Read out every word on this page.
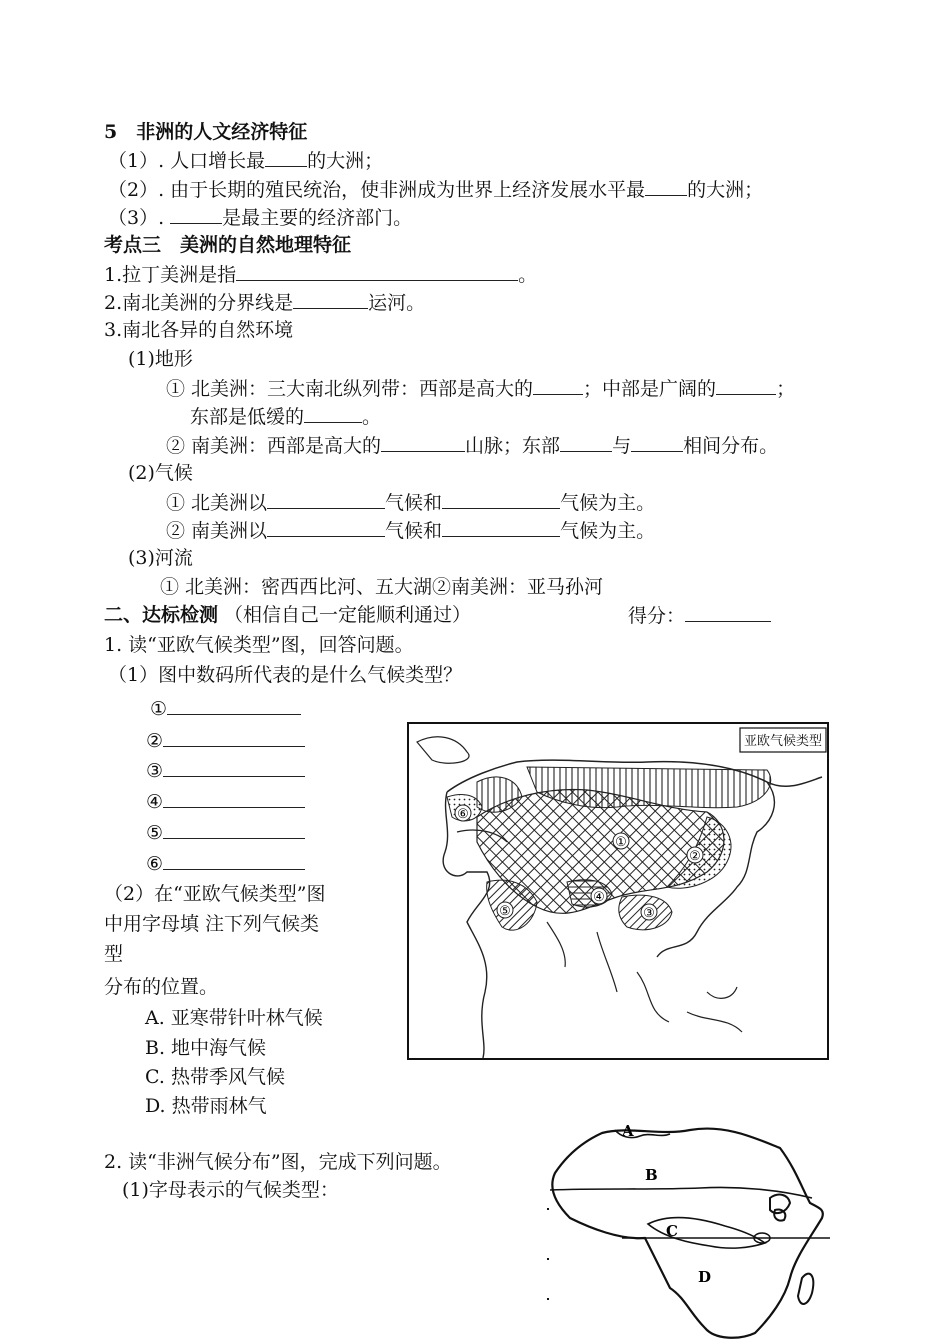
5　非洲的人文经济特征
（1）. 人口增长最 的大洲；
（2）. 由于长期的殖民统治，使非洲成为世界上经济发展水平最 的大洲；
（3）.	是最主要的经济部门。
考点三　美洲的自然地理特征
1.拉丁美洲是指	。
2.南北美洲的分界线是	运河。
3.南北各异的自然环境
(1)地形
① 北美洲：三大南北纵列带：西部是高大的	；中部是广阔的	；
东部是低缓的	。
② 南美洲：西部是高大的	山脉；东部	与	相间分布。
(2)气候
① 北美洲以	气候和	气候为主。
② 南美洲以	气候和	气候为主。
(3)河流
① 北美洲：密西西比河、五大湖②南美洲：亚马孙河
二、达标检测 （相信自己一定能顺利通过）	得分：
1. 读“亚欧气候类型”图，回答问题。
（1）图中数码所代表的是什么气候类型？
①
②
③
④
⑤
⑥
（2）在“亚欧气候类型”图
中用字母填 注下列气候类
型
分布的位置。
A. 亚寒带针叶林气候
B. 地中海气候
C. 热带季风气候
D. 热带雨林气
亚欧气候类型
①
②
③
④
⑤
⑥
2. 读“非洲气候分布”图，完成下列问题。
(1)字母表示的气候类型：
A
B
C
D
